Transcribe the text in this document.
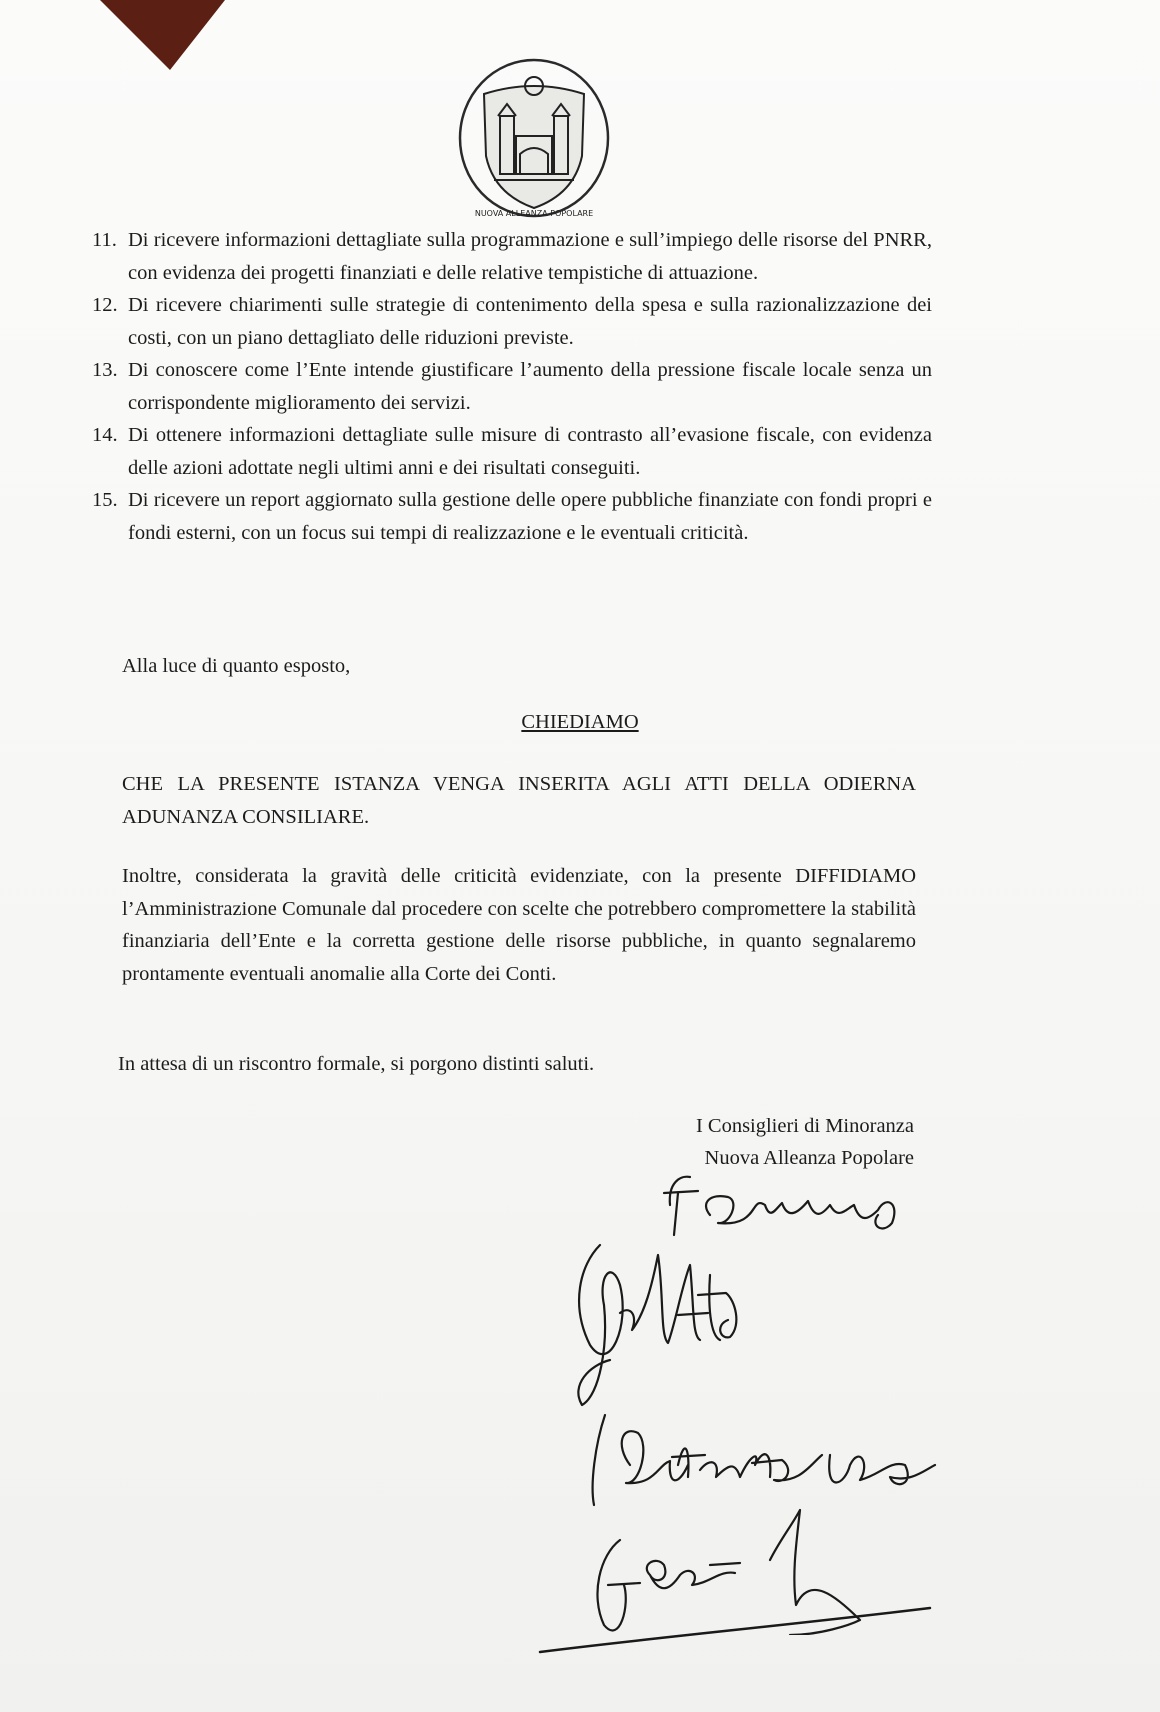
NUOVA ALLEANZA POPOLARE
11. Di ricevere informazioni dettagliate sulla programmazione e sull’impiego delle risorse del PNRR, con evidenza dei progetti finanziati e delle relative tempistiche di attuazione.
12. Di ricevere chiarimenti sulle strategie di contenimento della spesa e sulla razionalizzazione dei costi, con un piano dettagliato delle riduzioni previste.
13. Di conoscere come l’Ente intende giustificare l’aumento della pressione fiscale locale senza un corrispondente miglioramento dei servizi.
14. Di ottenere informazioni dettagliate sulle misure di contrasto all’evasione fiscale, con evidenza delle azioni adottate negli ultimi anni e dei risultati conseguiti.
15. Di ricevere un report aggiornato sulla gestione delle opere pubbliche finanziate con fondi propri e fondi esterni, con un focus sui tempi di realizzazione e le eventuali criticità.
Alla luce di quanto esposto,
CHIEDIAMO
CHE LA PRESENTE ISTANZA VENGA INSERITA AGLI ATTI DELLA ODIERNA ADUNANZA CONSILIARE.
Inoltre, considerata la gravità delle criticità evidenziate, con la presente DIFFIDIAMO l’Amministrazione Comunale dal procedere con scelte che potrebbero compromettere la stabilità finanziaria dell’Ente e la corretta gestione delle risorse pubbliche, in quanto segnalaremo prontamente eventuali anomalie alla Corte dei Conti.
In attesa di un riscontro formale, si porgono distinti saluti.
I Consiglieri di Minoranza
Nuova Alleanza Popolare
